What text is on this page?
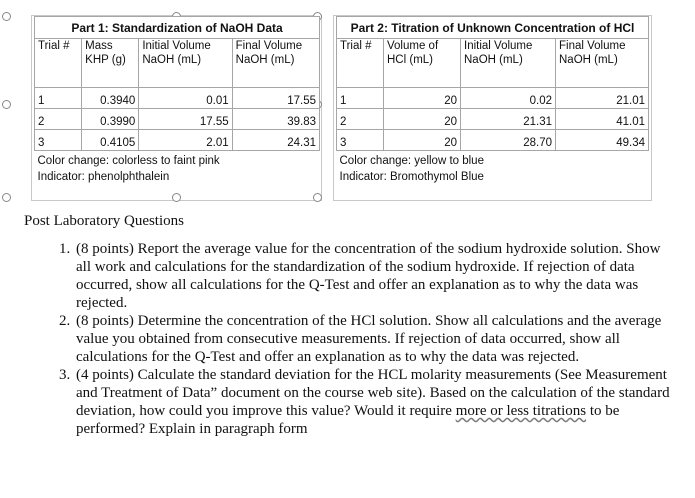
Part 1: Standardization of NaOH Data			
Trial #	Mass KHP (g)	Initial Volume NaOH (mL)	Final Volume NaOH (mL)
1	0.3940	0.01	17.55
2	0.3990	17.55	39.83
3	0.4105	2.01	24.31

Color change: colorless to faint pink
Indicator: phenolphthalein			
Part 2: Titration of Unknown Concentration of HCl			
Trial #	Volume of HCl (mL)	Initial Volume NaOH (mL)	Final Volume NaOH (mL)
1	20	0.02	21.01
2	20	21.31	41.01
3	20	28.70	49.34

Color change: yellow to blue
Indicator: Bromothymol Blue			
Post Laboratory Questions
1. (8 points) Report the average value for the concentration of the sodium hydroxide solution. Show all work and calculations for the standardization of the sodium hydroxide. If rejection of data occurred, show all calculations for the Q-Test and offer an explanation as to why the data was rejected.
2. (8 points) Determine the concentration of the HCl solution. Show all calculations and the average value you obtained from consecutive measurements. If rejection of data occurred, show all calculations for the Q-Test and offer an explanation as to why the data was rejected.
3. (4 points) Calculate the standard deviation for the HCL molarity measurements (See Measurement and Treatment of Data” document on the course web site). Based on the calculation of the standard deviation, how could you improve this value? Would it require more or less titrations to be performed? Explain in paragraph form
